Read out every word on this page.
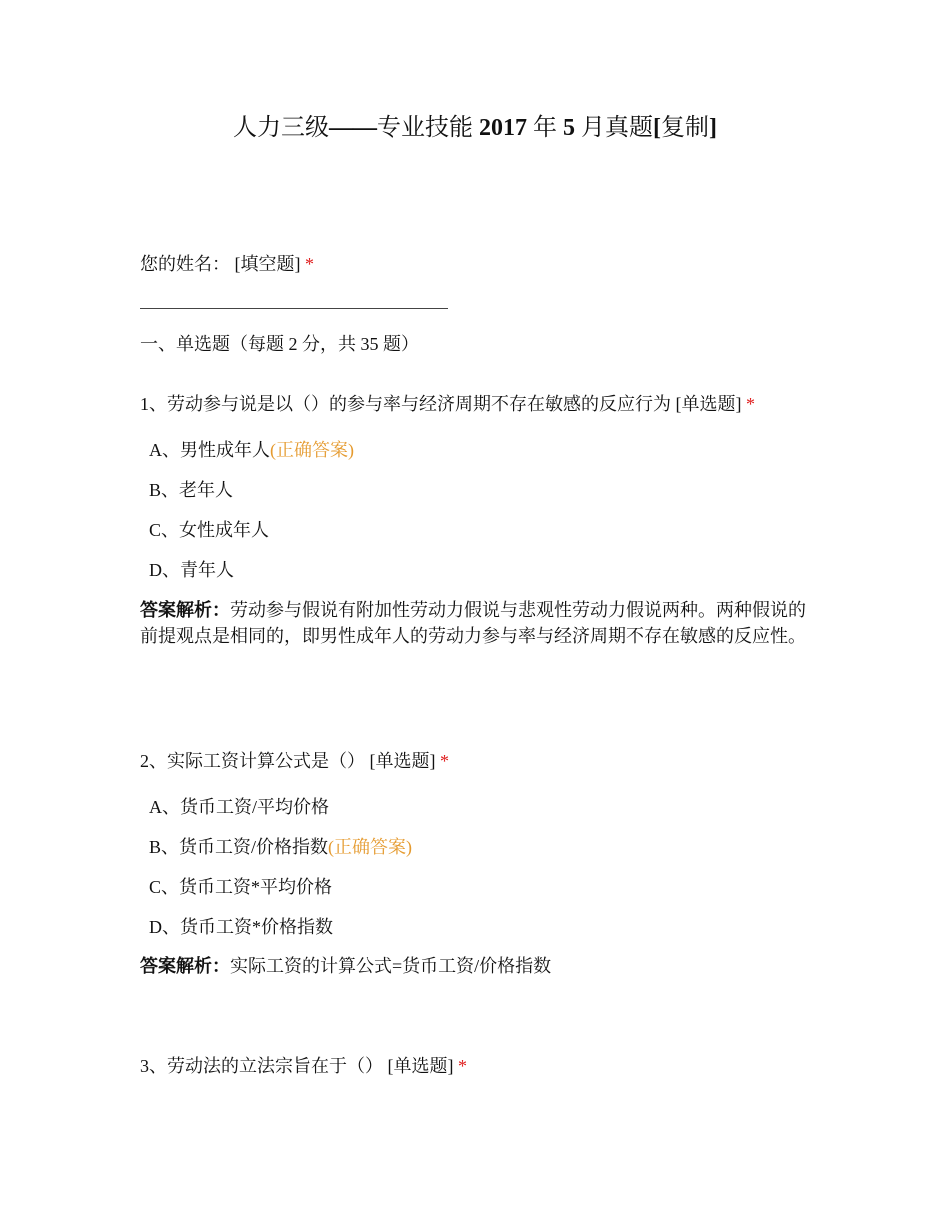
人力三级——专业技能 2017 年 5 月真题[复制]
您的姓名： [填空题] *
一、单选题（每题 2 分，共 35 题）
1、劳动参与说是以（）的参与率与经济周期不存在敏感的反应行为 [单选题] *
A、男性成年人(正确答案)
B、老年人
C、女性成年人
D、青年人
答案解析：劳动参与假说有附加性劳动力假说与悲观性劳动力假说两种。两种假说的前提观点是相同的，即男性成年人的劳动力参与率与经济周期不存在敏感的反应性。
2、实际工资计算公式是（） [单选题] *
A、货币工资/平均价格
B、货币工资/价格指数(正确答案)
C、货币工资*平均价格
D、货币工资*价格指数
答案解析：实际工资的计算公式=货币工资/价格指数
3、劳动法的立法宗旨在于（） [单选题] *
